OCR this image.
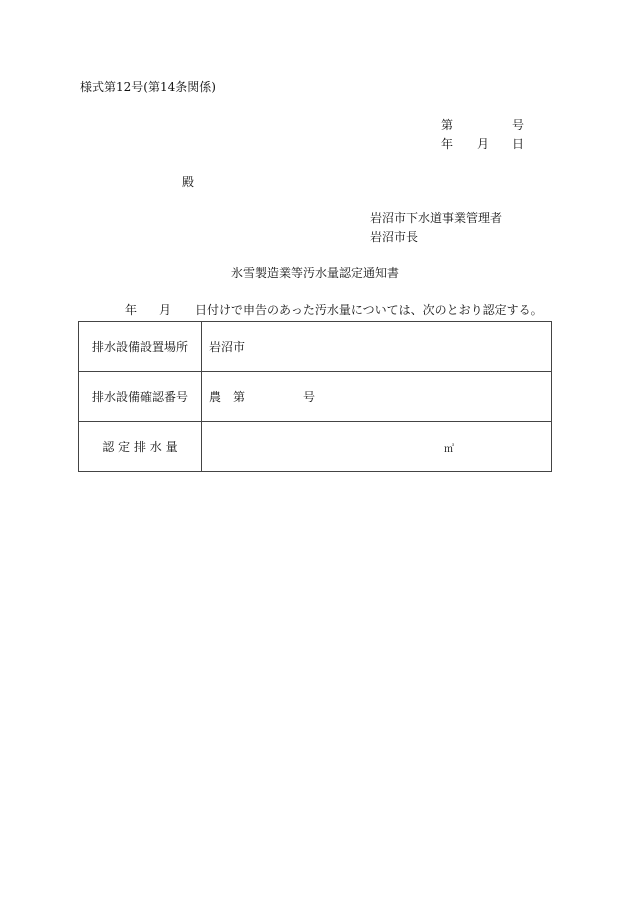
様式第12号(第14条関係)
第	号
年 月 日
殿
岩沼市下水道事業管理者
岩沼市長
氷雪製造業等汚水量認定通知書
年 月 日付けで申告のあった汚水量については、次のとおり認定する。
排水設備設置場所	岩沼市
排水設備確認番号	農 第 号
認 定 排 水 量	㎥
